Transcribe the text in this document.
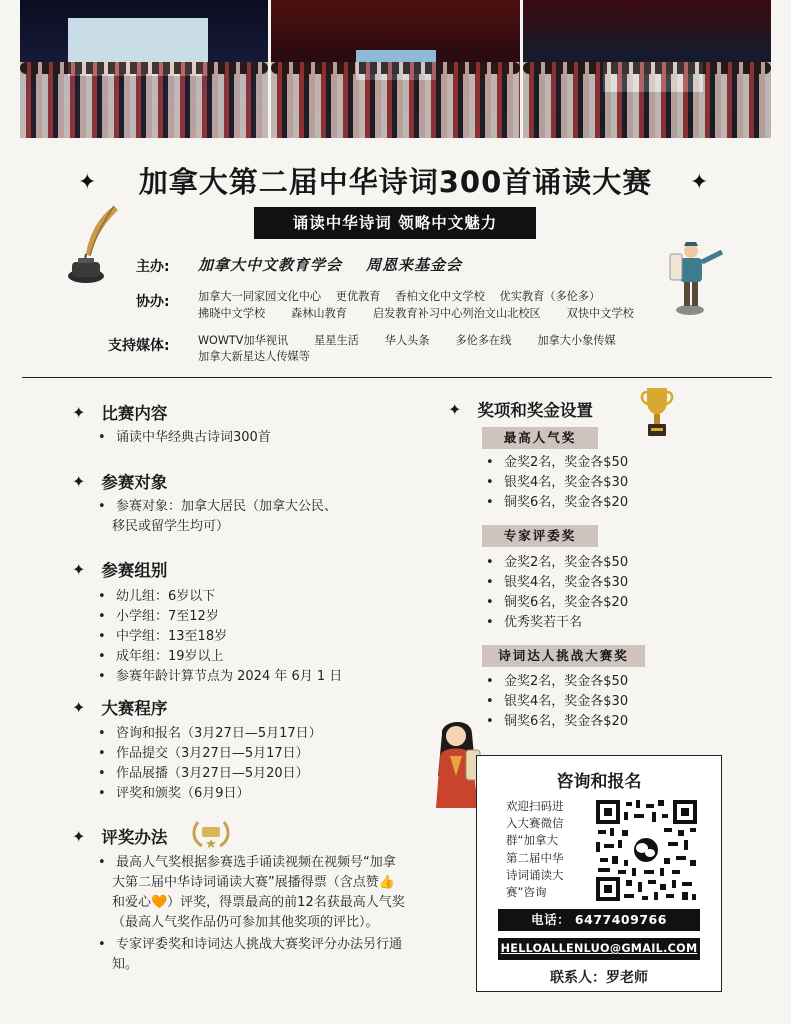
✦ 加拿大第二届中华诗词300首诵读大赛 ✦
诵读中华诗词 领略中文魅力
主办: 加拿大中文教育学会 周恩来基金会
协办:	加拿大一同家园文化中心　 更优教育　 香柏文化中文学校　 优实教育（多伦多）
拂晓中文学校　　 森林山教育　　 启发教育补习中心列治文山北校区　　 双快中文学校
支持媒体:	WOWTV加华视讯　　 星星生活　　 华人头条　　 多伦多在线　　 加拿大小象传媒
加拿大新星达人传媒等
✦ 比赛内容
• 诵读中华经典古诗词300首
✦ 参赛对象
• 参赛对象：加拿大居民（加拿大公民、
移民或留学生均可）
✦ 参赛组别
• 幼儿组：6岁以下
• 小学组：7至12岁
• 中学组：13至18岁
• 成年组：19岁以上
• 参赛年龄计算节点为 2024 年 6月 1 日
✦ 大赛程序
• 咨询和报名（3月27日—5月17日）
• 作品提交（3月27日—5月17日）
• 作品展播（3月27日—5月20日）
• 评奖和颁奖（6月9日）
✦ 评奖办法
• 最高人气奖根据参赛选手诵读视频在视频号“加拿
大第二届中华诗词诵读大赛”展播得票（含点赞👍
和爱心🧡）评奖，得票最高的前12名获最高人气奖
（最高人气奖作品仍可参加其他奖项的评比）。
• 专家评委奖和诗词达人挑战大赛奖评分办法另行通
知。
✦ 奖项和奖金设置
最高人气奖
• 金奖2名，奖金各$50
• 银奖4名，奖金各$30
• 铜奖6名，奖金各$20
专家评委奖
• 金奖2名，奖金各$50
• 银奖4名，奖金各$30
• 铜奖6名，奖金各$20
• 优秀奖若干名
诗词达人挑战大赛奖
• 金奖2名，奖金各$50
• 银奖4名，奖金各$30
• 铜奖6名，奖金各$20
咨询和报名
欢迎扫码进
入大赛微信
群“加拿大
第二届中华
诗词诵读大
赛”咨询
电话： 6477409766
HELLOALLENLUO@GMAIL.COM
联系人：罗老师
